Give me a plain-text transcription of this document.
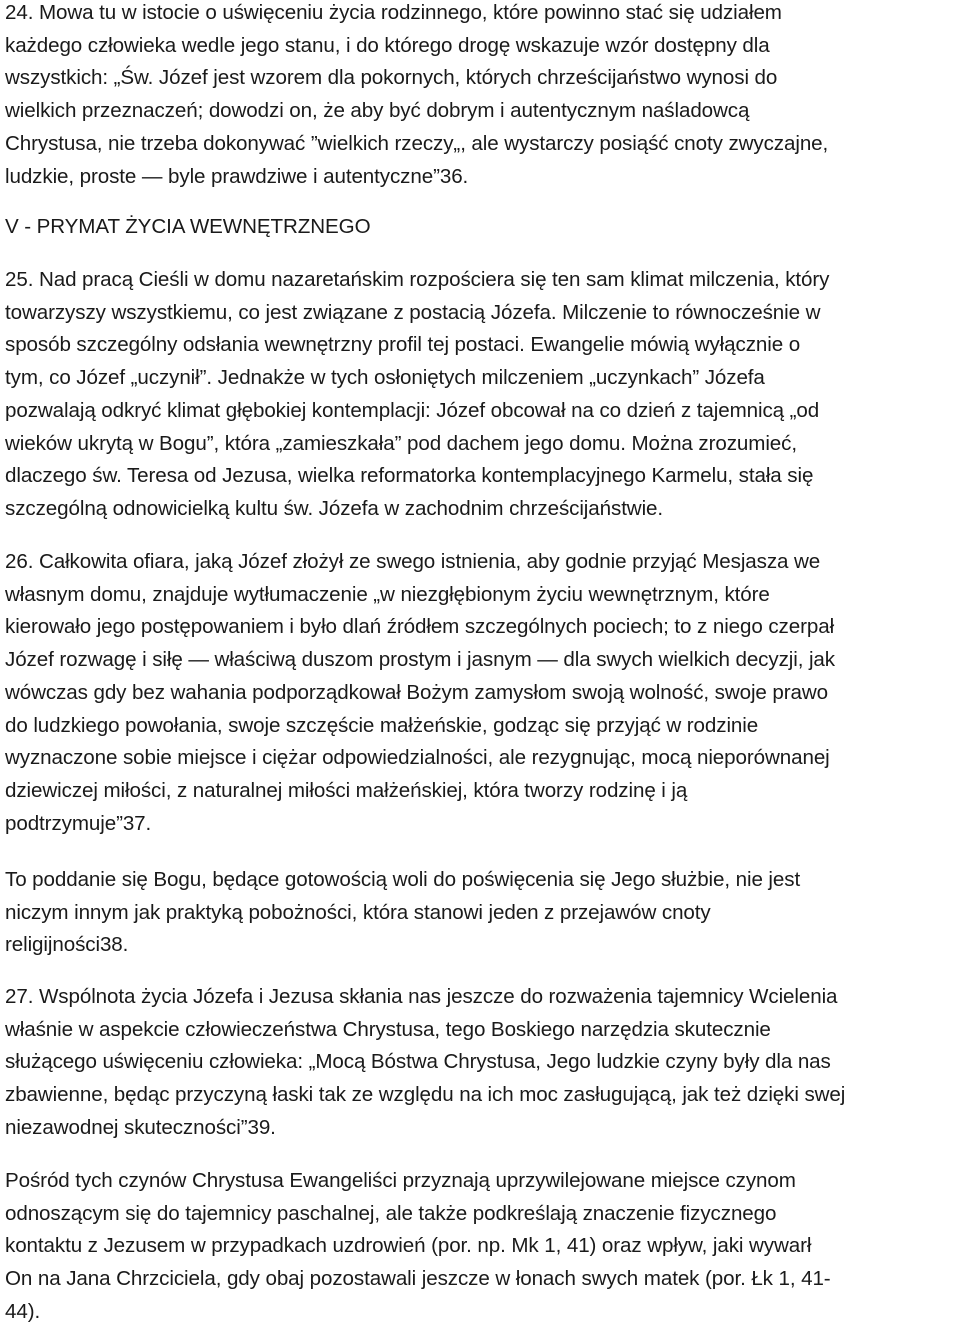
24. Mowa tu w istocie o uświęceniu życia rodzinnego, które powinno stać się udziałem
każdego człowieka wedle jego stanu, i do którego drogę wskazuje wzór dostępny dla
wszystkich: „Św. Józef jest wzorem dla pokornych, których chrześcijaństwo wynosi do
wielkich przeznaczeń; dowodzi on, że aby być dobrym i autentycznym naśladowcą
Chrystusa, nie trzeba dokonywać ”wielkich rzeczy„, ale wystarczy posiąść cnoty zwyczajne,
ludzkie, proste — byle prawdziwe i autentyczne”36.

V - PRYMAT ŻYCIA WEWNĘTRZNEGO

25. Nad pracą Cieśli w domu nazaretańskim rozpościera się ten sam klimat milczenia, który
towarzyszy wszystkiemu, co jest związane z postacią Józefa. Milczenie to równocześnie w
sposób szczególny odsłania wewnętrzny profil tej postaci. Ewangelie mówią wyłącznie o
tym, co Józef „uczynił”. Jednakże w tych osłoniętych milczeniem „uczynkach” Józefa
pozwalają odkryć klimat głębokiej kontemplacji: Józef obcował na co dzień z tajemnicą „od
wieków ukrytą w Bogu”, która „zamieszkała” pod dachem jego domu. Można zrozumieć,
dlaczego św. Teresa od Jezusa, wielka reformatorka kontemplacyjnego Karmelu, stała się
szczególną odnowicielką kultu św. Józefa w zachodnim chrześcijaństwie.

26. Całkowita ofiara, jaką Józef złożył ze swego istnienia, aby godnie przyjąć Mesjasza we
własnym domu, znajduje wytłumaczenie „w niezgłębionym życiu wewnętrznym, które
kierowało jego postępowaniem i było dlań źródłem szczególnych pociech; to z niego czerpał
Józef rozwagę i siłę — właściwą duszom prostym i jasnym — dla swych wielkich decyzji, jak
wówczas gdy bez wahania podporządkował Bożym zamysłom swoją wolność, swoje prawo
do ludzkiego powołania, swoje szczęście małżeńskie, godząc się przyjąć w rodzinie
wyznaczone sobie miejsce i ciężar odpowiedzialności, ale rezygnując, mocą nieporównanej
dziewiczej miłości, z naturalnej miłości małżeńskiej, która tworzy rodzinę i ją
podtrzymuje”37.

To poddanie się Bogu, będące gotowością woli do poświęcenia się Jego służbie, nie jest
niczym innym jak praktyką pobożności, która stanowi jeden z przejawów cnoty
religijności38.

27. Wspólnota życia Józefa i Jezusa skłania nas jeszcze do rozważenia tajemnicy Wcielenia
właśnie w aspekcie człowieczeństwa Chrystusa, tego Boskiego narzędzia skutecznie
służącego uświęceniu człowieka: „Mocą Bóstwa Chrystusa, Jego ludzkie czyny były dla nas
zbawienne, będąc przyczyną łaski tak ze względu na ich moc zasługującą, jak też dzięki swej
niezawodnej skuteczności”39.

Pośród tych czynów Chrystusa Ewangeliści przyznają uprzywilejowane miejsce czynom
odnoszącym się do tajemnicy paschalnej, ale także podkreślają znaczenie fizycznego
kontaktu z Jezusem w przypadkach uzdrowień (por. np. Mk 1, 41) oraz wpływ, jaki wywarł
On na Jana Chrzciciela, gdy obaj pozostawali jeszcze w łonach swych matek (por. Łk 1, 41-
44).
